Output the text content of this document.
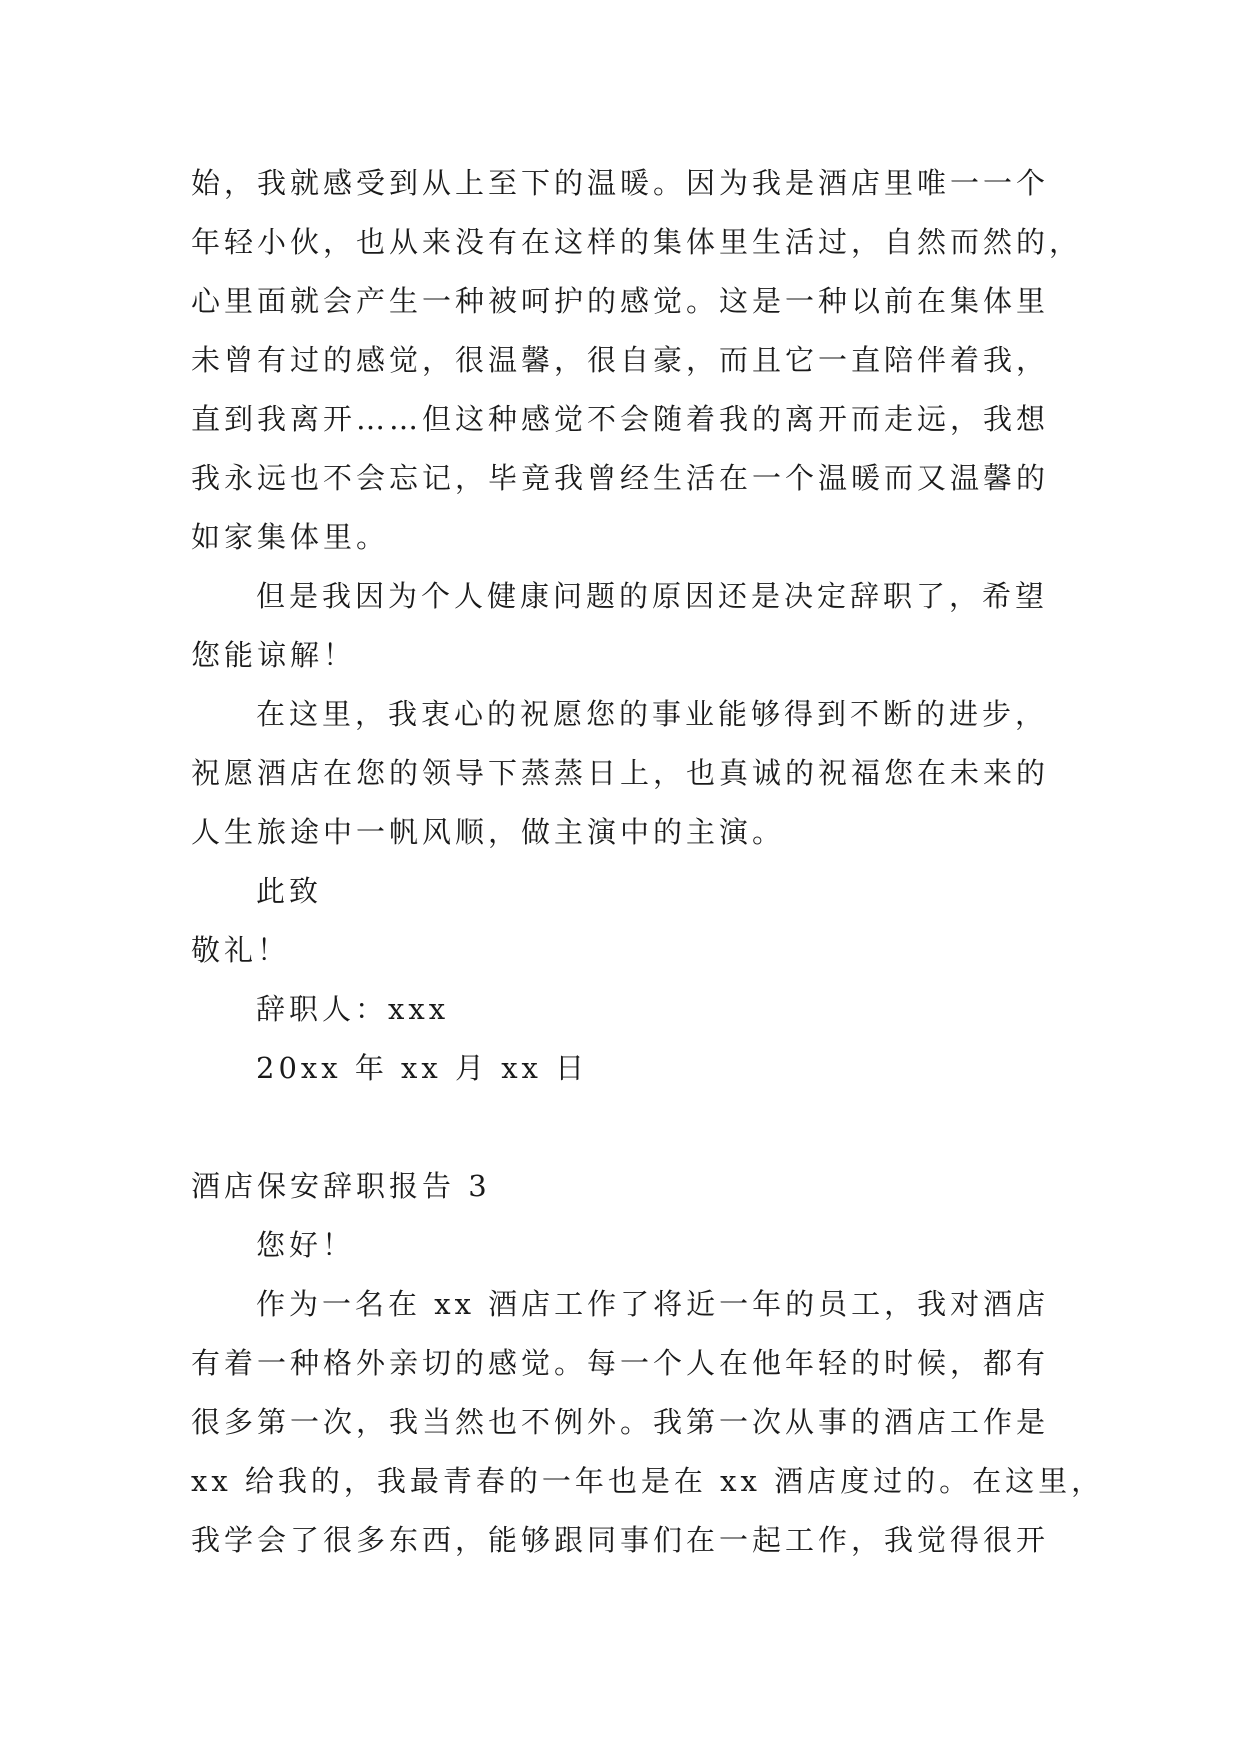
始，我就感受到从上至下的温暖。因为我是酒店里唯一一个

年轻小伙，也从来没有在这样的集体里生活过，自然而然的，

心里面就会产生一种被呵护的感觉。这是一种以前在集体里

未曾有过的感觉，很温馨，很自豪，而且它一直陪伴着我，

直到我离开……但这种感觉不会随着我的离开而走远，我想

我永远也不会忘记，毕竟我曾经生活在一个温暖而又温馨的

如家集体里。

但是我因为个人健康问题的原因还是决定辞职了，希望

您能谅解！

在这里，我衷心的祝愿您的事业能够得到不断的进步，

祝愿酒店在您的领导下蒸蒸日上，也真诚的祝福您在未来的

人生旅途中一帆风顺，做主演中的主演。

此致

敬礼！

辞职人：xxx

20xx 年 xx 月 xx 日

酒店保安辞职报告 3

您好！

作为一名在 xx 酒店工作了将近一年的员工，我对酒店

有着一种格外亲切的感觉。每一个人在他年轻的时候，都有

很多第一次，我当然也不例外。我第一次从事的酒店工作是

xx 给我的，我最青春的一年也是在 xx 酒店度过的。在这里，

我学会了很多东西，能够跟同事们在一起工作，我觉得很开
